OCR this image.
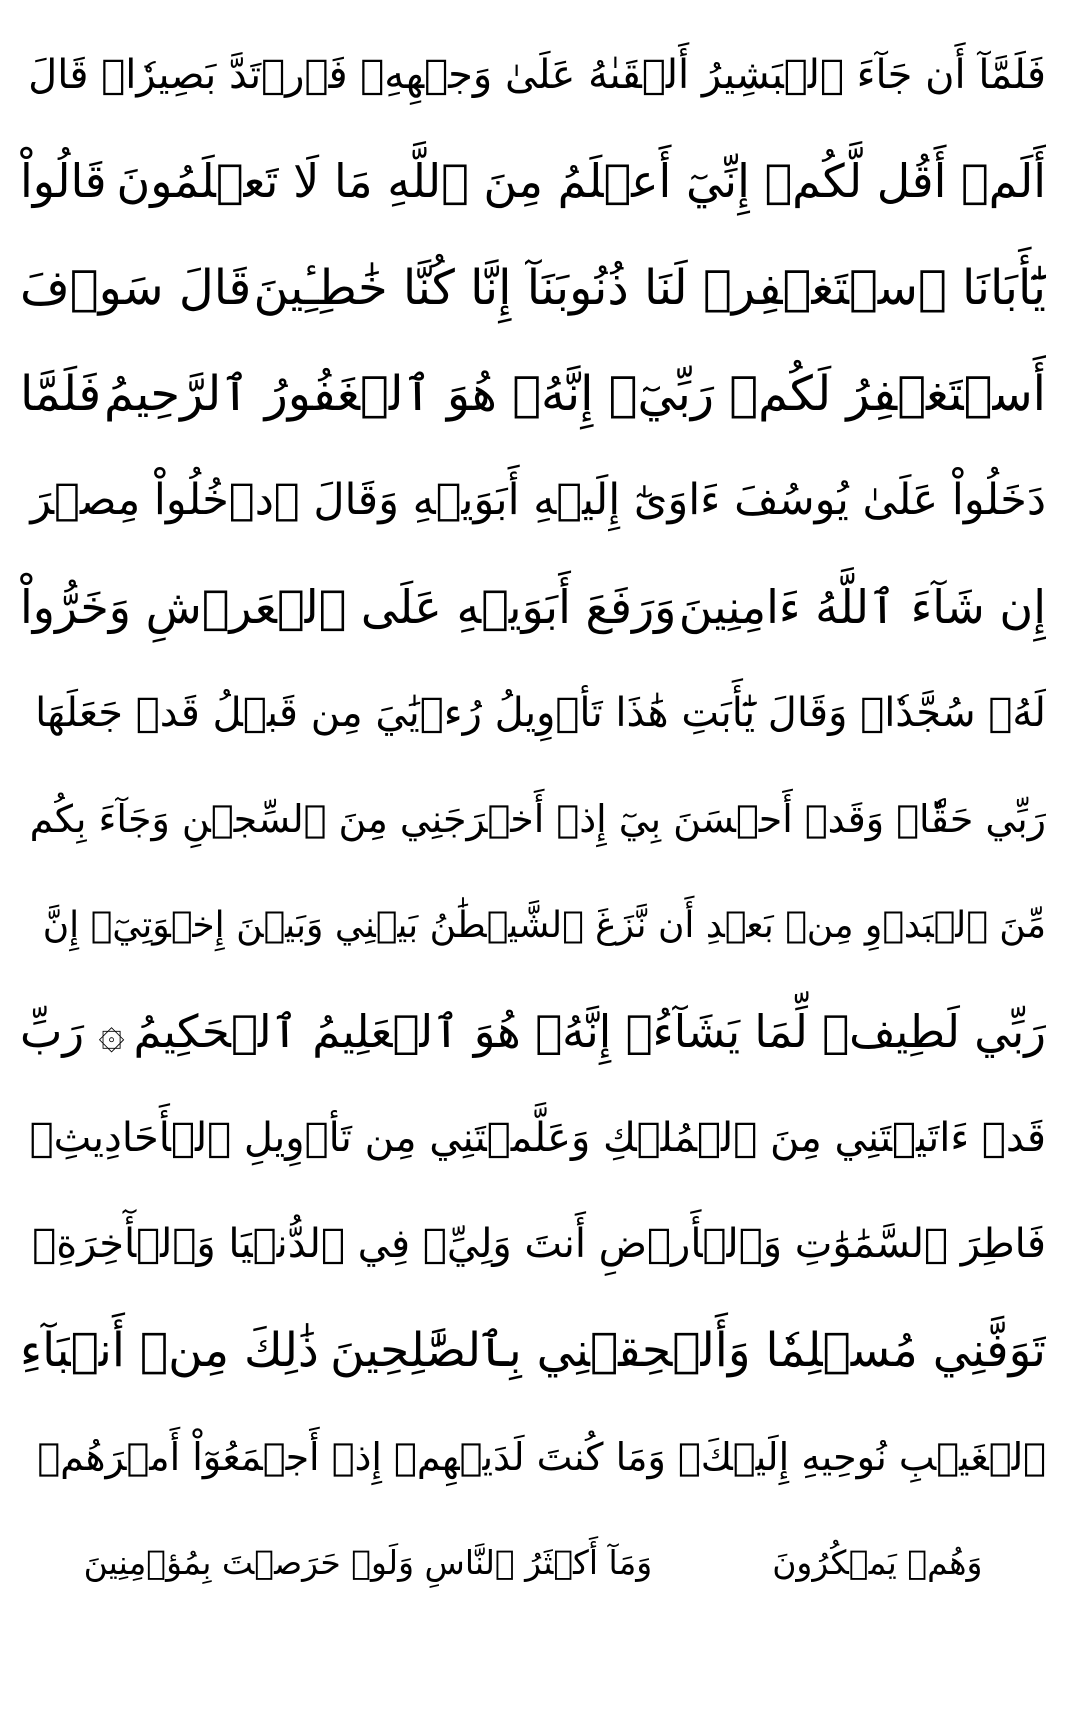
فَلَمَّآ أَن جَآءَ ٱلۡبَشِيرُ أَلۡقَىٰهُ عَلَىٰ وَجۡهِهِۦ فَٱرۡتَدَّ بَصِيرٗاۖ قَالَ
أَلَمۡ أَقُل لَّكُمۡ إِنِّيٓ أَعۡلَمُ مِنَ ٱللَّهِ مَا لَا تَعۡلَمُونَ
قَالُواْ
يَٰٓأَبَانَا ٱسۡتَغۡفِرۡ لَنَا ذُنُوبَنَآ إِنَّا كُنَّا خَٰطِـِٔينَ
قَالَ سَوۡفَ
أَسۡتَغۡفِرُ لَكُمۡ رَبِّيٓۖ إِنَّهُۥ هُوَ ٱلۡغَفُورُ ٱلرَّحِيمُ
فَلَمَّا
دَخَلُواْ عَلَىٰ يُوسُفَ ءَاوَىٰٓ إِلَيۡهِ أَبَوَيۡهِ وَقَالَ ٱدۡخُلُواْ مِصۡرَ
إِن شَآءَ ٱللَّهُ ءَامِنِينَ
وَرَفَعَ أَبَوَيۡهِ عَلَى ٱلۡعَرۡشِ وَخَرُّواْ
لَهُۥ سُجَّدٗاۖ وَقَالَ يَٰٓأَبَتِ هَٰذَا تَأۡوِيلُ رُءۡيَٰيَ مِن قَبۡلُ قَدۡ جَعَلَهَا
رَبِّي حَقّٗاۖ وَقَدۡ أَحۡسَنَ بِيٓ إِذۡ أَخۡرَجَنِي مِنَ ٱلسِّجۡنِ وَجَآءَ بِكُم
مِّنَ ٱلۡبَدۡوِ مِنۢ بَعۡدِ أَن نَّزَغَ ٱلشَّيۡطَٰنُ بَيۡنِي وَبَيۡنَ إِخۡوَتِيٓۚ إِنَّ
رَبِّي لَطِيفٞ لِّمَا يَشَآءُۚ إِنَّهُۥ هُوَ ٱلۡعَلِيمُ ٱلۡحَكِيمُ
۞ رَبِّ
قَدۡ ءَاتَيۡتَنِي مِنَ ٱلۡمُلۡكِ وَعَلَّمۡتَنِي مِن تَأۡوِيلِ ٱلۡأَحَادِيثِۚ
فَاطِرَ ٱلسَّمَٰوَٰتِ وَٱلۡأَرۡضِ أَنتَ وَلِيِّۦ فِي ٱلدُّنۡيَا وَٱلۡأٓخِرَةِۖ
تَوَفَّنِي مُسۡلِمٗا وَأَلۡحِقۡنِي بِٱلصَّٰلِحِينَ
ذَٰلِكَ مِنۡ أَنۢبَآءِ
ٱلۡغَيۡبِ نُوحِيهِ إِلَيۡكَۖ وَمَا كُنتَ لَدَيۡهِمۡ إِذۡ أَجۡمَعُوٓاْ أَمۡرَهُمۡ
وَهُمۡ يَمۡكُرُونَ
وَمَآ أَكۡثَرُ ٱلنَّاسِ وَلَوۡ حَرَصۡتَ بِمُؤۡمِنِينَ
